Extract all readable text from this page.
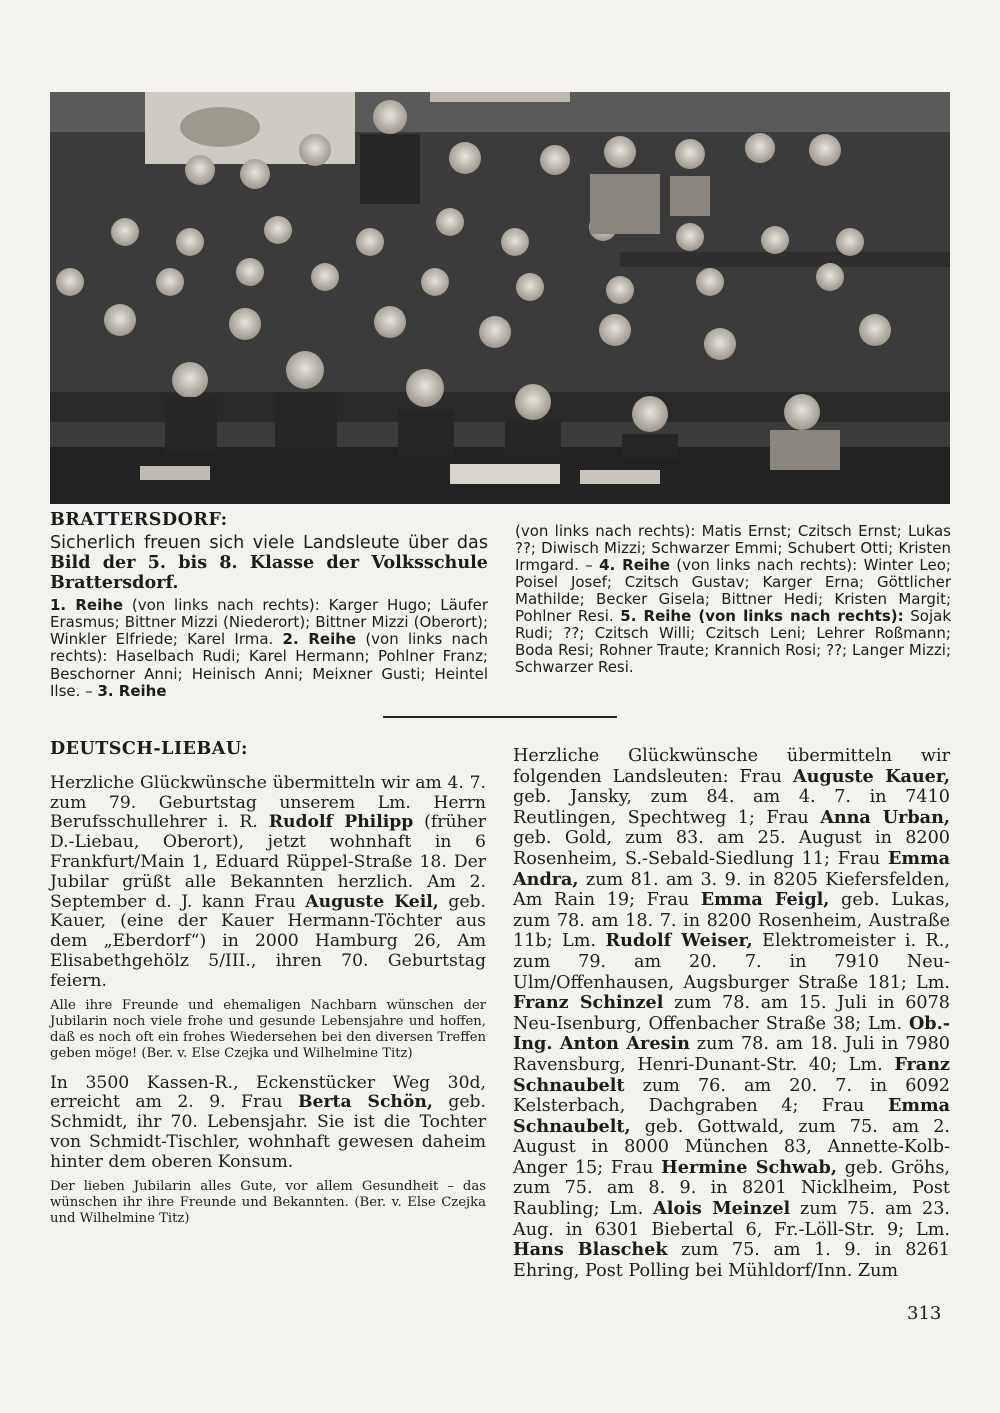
BRATTERSDORF:
Sicherlich freuen sich viele Landsleute über das Bild der 5. bis 8. Klasse der Volksschule Brattersdorf.

1. Reihe (von links nach rechts): Karger Hugo; Läufer Erasmus; Bittner Mizzi (Niederort); Bittner Mizzi (Oberort); Winkler Elfriede; Karel Irma. 2. Reihe (von links nach rechts): Haselbach Rudi; Karel Hermann; Pohlner Franz; Beschorner Anni; Heinisch Anni; Meixner Gusti; Heintel Ilse. – 3. Reihe

(von links nach rechts): Matis Ernst; Czitsch Ernst; Lukas ??; Diwisch Mizzi; Schwarzer Emmi; Schubert Otti; Kristen Irmgard. – 4. Reihe (von links nach rechts): Winter Leo; Poisel Josef; Czitsch Gustav; Karger Erna; Göttlicher Mathilde; Becker Gisela; Bittner Hedi; Kristen Margit; Pohlner Resi. 5. Reihe (von links nach rechts): Sojak Rudi; ??; Czitsch Willi; Czitsch Leni; Lehrer Roßmann; Boda Resi; Rohner Traute; Krannich Rosi; ??; Langer Mizzi; Schwarzer Resi.

DEUTSCH-LIEBAU:

Herzliche Glückwünsche übermitteln wir am 4. 7. zum 79. Geburtstag unserem Lm. Herrn Berufsschullehrer i. R. Rudolf Philipp (früher D.-Liebau, Oberort), jetzt wohnhaft in 6 Frankfurt/Main 1, Eduard Rüppel-Straße 18. Der Jubilar grüßt alle Bekannten herzlich. Am 2. September d. J. kann Frau Auguste Keil, geb. Kauer, (eine der Kauer Hermann-Töchter aus dem „Eberdorf“) in 2000 Hamburg 26, Am Elisabethgehölz 5/III., ihren 70. Geburtstag feiern.

Alle ihre Freunde und ehemaligen Nachbarn wünschen der Jubilarin noch viele frohe und gesunde Lebensjahre und hoffen, daß es noch oft ein frohes Wiedersehen bei den diversen Treffen geben möge! (Ber. v. Else Czejka und Wilhelmine Titz)

In 3500 Kassen-R., Eckenstücker Weg 30d, erreicht am 2. 9. Frau Berta Schön, geb. Schmidt, ihr 70. Lebensjahr. Sie ist die Tochter von Schmidt-Tischler, wohnhaft gewesen daheim hinter dem oberen Konsum.

Der lieben Jubilarin alles Gute, vor allem Gesundheit – das wünschen ihr ihre Freunde und Bekannten. (Ber. v. Else Czejka und Wilhelmine Titz)

Herzliche Glückwünsche übermitteln wir folgenden Landsleuten: Frau Auguste Kauer, geb. Jansky, zum 84. am 4. 7. in 7410 Reutlingen, Spechtweg 1; Frau Anna Urban, geb. Gold, zum 83. am 25. August in 8200 Rosenheim, S.-Sebald-Siedlung 11; Frau Emma Andra, zum 81. am 3. 9. in 8205 Kiefersfelden, Am Rain 19; Frau Emma Feigl, geb. Lukas, zum 78. am 18. 7. in 8200 Rosenheim, Austraße 11b; Lm. Rudolf Weiser, Elektromeister i. R., zum 79. am 20. 7. in 7910 Neu-Ulm/Offenhausen, Augsburger Straße 181; Lm. Franz Schinzel zum 78. am 15. Juli in 6078 Neu-Isenburg, Offenbacher Straße 38; Lm. Ob.-Ing. Anton Aresin zum 78. am 18. Juli in 7980 Ravensburg, Henri-Dunant-Str. 40; Lm. Franz Schnaubelt zum 76. am 20. 7. in 6092 Kelsterbach, Dachgraben 4; Frau Emma Schnaubelt, geb. Gottwald, zum 75. am 2. August in 8000 München 83, Annette-Kolb-Anger 15; Frau Hermine Schwab, geb. Gröhs, zum 75. am 8. 9. in 8201 Nicklheim, Post Raubling; Lm. Alois Meinzel zum 75. am 23. Aug. in 6301 Biebertal 6, Fr.-Löll-Str. 9; Lm. Hans Blaschek zum 75. am 1. 9. in 8261 Ehring, Post Polling bei Mühldorf/Inn. Zum

313
